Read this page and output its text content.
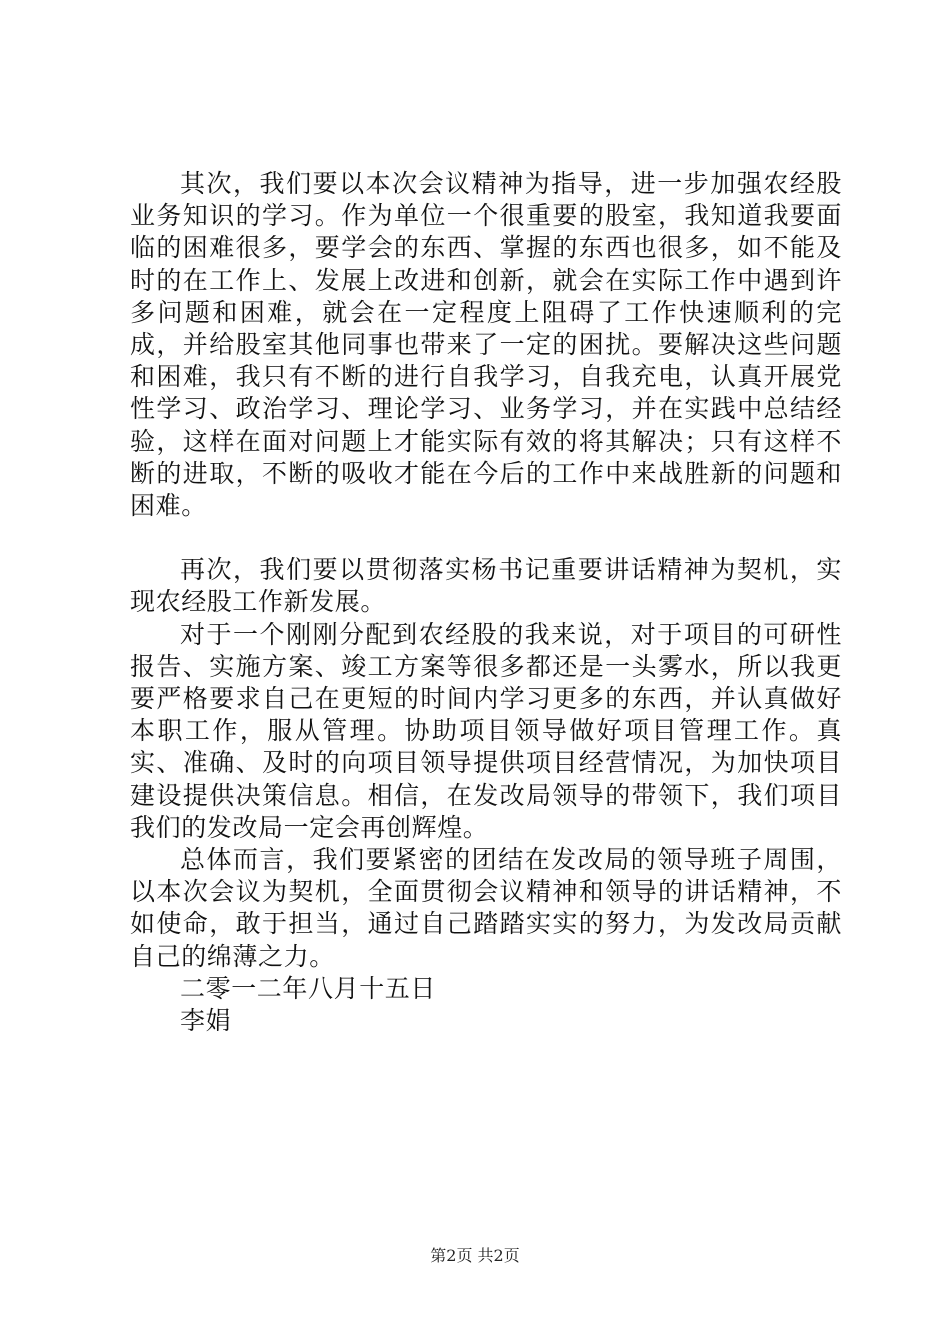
其次，我们要以本次会议精神为指导，进一步加强农经股业务知识的学习。作为单位一个很重要的股室，我知道我要面临的困难很多，要学会的东西、掌握的东西也很多，如不能及时的在工作上、发展上改进和创新，就会在实际工作中遇到许多问题和困难，就会在一定程度上阻碍了工作快速顺利的完成，并给股室其他同事也带来了一定的困扰。要解决这些问题和困难，我只有不断的进行自我学习，自我充电，认真开展党性学习、政治学习、理论学习、业务学习，并在实践中总结经验，这样在面对问题上才能实际有效的将其解决；只有这样不断的进取，不断的吸收才能在今后的工作中来战胜新的问题和困难。

再次，我们要以贯彻落实杨书记重要讲话精神为契机，实现农经股工作新发展。

对于一个刚刚分配到农经股的我来说，对于项目的可研性报告、实施方案、竣工方案等很多都还是一头雾水，所以我更要严格要求自己在更短的时间内学习更多的东西，并认真做好本职工作，服从管理。协助项目领导做好项目管理工作。真实、准确、及时的向项目领导提供项目经营情况，为加快项目建设提供决策信息。相信，在发改局领导的带领下，我们项目我们的发改局一定会再创辉煌。

总体而言，我们要紧密的团结在发改局的领导班子周围，以本次会议为契机，全面贯彻会议精神和领导的讲话精神，不如使命，敢于担当，通过自己踏踏实实的努力，为发改局贡献自己的绵薄之力。

二零一二年八月十五日

李娟

第2页 共2页
